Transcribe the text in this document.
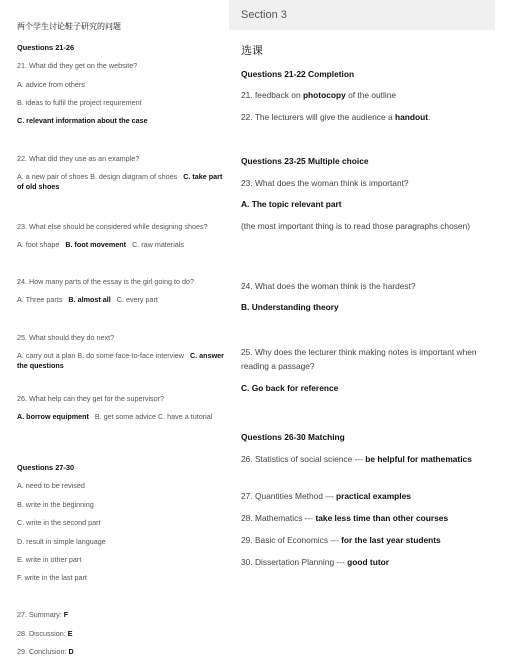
两个学生讨论鞋子研究的问题
Questions 21-26
21. What did they get on the website?
A. advice from others
B. ideas to fulfil the project requirement
C. relevant information about the case
22. What did they use as an example?
A. a new pair of shoes B. design diagram of shoes C. take part of old shoes
23. What else should be considered while designing shoes?
A. foot shape B. foot movement C. raw materials
24. How many parts of the essay is the girl going to do?
A. Three parts B. almost all C. every part
25. What should they do next?
A. carry out a plan B. do some face-to-face interview C. answer the questions
26. What help can they get for the supervisor?
A. borrow equipment B. get some advice C. have a tutorial
Questions 27-30
A. need to be revised
B. write in the beginning
C. write in the second part
D. result in simple language
E. write in other part
F. write in the last part
27. Summary: F
28. Discussion: E
29. Conclusion: D
Section 3
选课
Questions 21-22 Completion
21. feedback on photocopy of the outline
22. The lecturers will give the audience a handout.
Questions 23-25 Multiple choice
23. What does the woman think is important?
A. The topic relevant part
(the most important thing is to read those paragraphs chosen)
24. What does the woman think is the hardest?
B. Understanding theory
25. Why does the lecturer think making notes is important when reading a passage?
C. Go back for reference
Questions 26-30 Matching
26. Statistics of social science --- be helpful for mathematics
27. Quantities Method --- practical examples
28. Mathematics --- take less time than other courses
29. Basic of Economics --- for the last year students
30. Dissertation Planning --- good tutor
